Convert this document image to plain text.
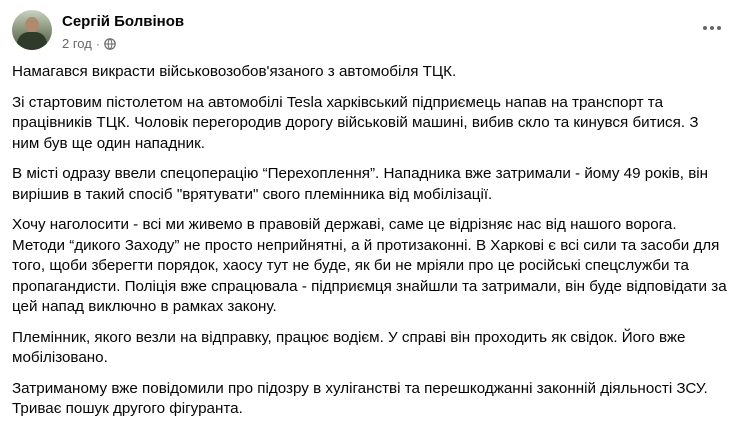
Сергій Болвінов
2 год ·

Намагався викрасти військовозобов'язаного з автомобіля ТЦК.

Зі стартовим пістолетом на автомобілі Tesla харківський підприємець напав на транспорт та працівників ТЦК. Чоловік перегородив дорогу військовій машині, вибив скло та кинувся битися. З ним був ще один нападник.

В місті одразу ввели спецоперацію “Перехоплення”. Нападника вже затримали - йому 49 років, він вирішив в такий спосіб "врятувати" свого племінника від мобілізації.

Хочу наголосити - всі ми живемо в правовій державі, саме це відрізняє нас від нашого ворога. Методи “дикого Заходу” не просто неприйнятні, а й протизаконні. В Харкові є всі сили та засоби для того, щоби зберегти порядок, хаосу тут не буде, як би не мріяли про це російські спецслужби та пропагандисти. Поліція вже спрацювала - підприємця знайшли та затримали, він буде відповідати за цей напад виключно в рамках закону.

Племінник, якого везли на відправку, працює водієм. У справі він проходить як свідок. Його вже мобілізовано.

Затриманому вже повідомили про підозру в хуліганстві та перешкоджанні законній діяльності ЗСУ. Триває пошук другого фігуранта.
